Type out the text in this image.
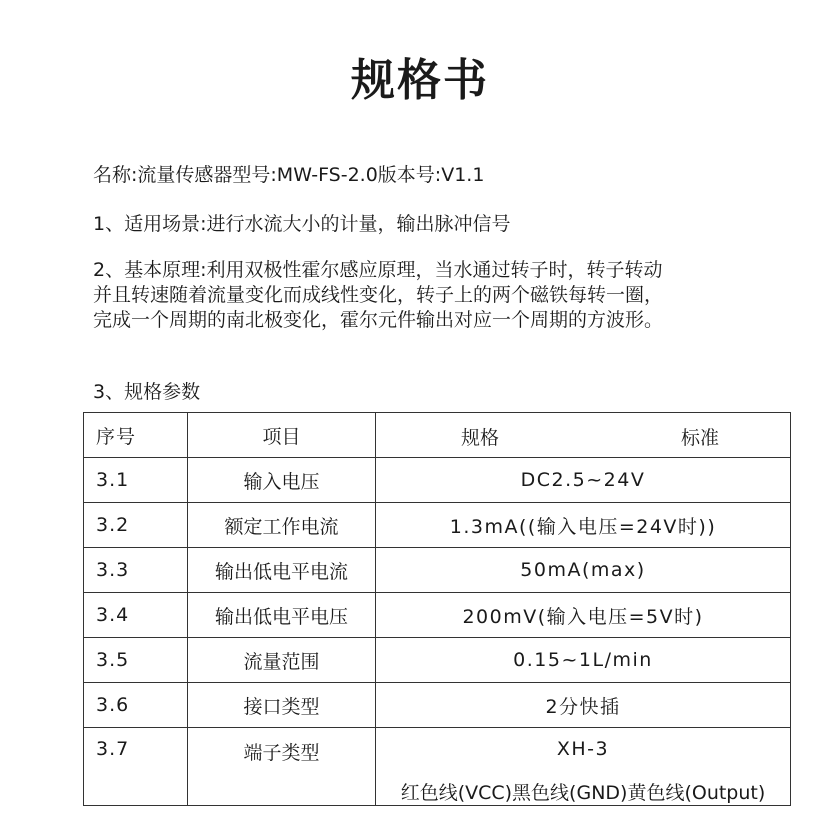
规格书
名称:流量传感器型号:MW-FS-2.0版本号:V1.1
1、适用场景:进行水流大小的计量，输出脉冲信号
2、基本原理:利用双极性霍尔感应原理，当水通过转子时，转子转动
并且转速随着流量变化而成线性变化，转子上的两个磁铁每转一圈，
完成一个周期的南北极变化，霍尔元件输出对应一个周期的方波形。
3、规格参数
序号	项目	规格 标准

3.1	输入电压	DC2.5~24V
3.2	额定工作电流	1.3mA((输入电压=24V时))
3.3	输出低电平电流	50mA(max)
3.4	输出低电平电压	200mV(输入电压=5V时)
3.5	流量范围	0.15~1L/min
3.6	接口类型	2分快插
3.7	端子类型	XH-3
红色线(VCC)黑色线(GND)黄色线(Output)
